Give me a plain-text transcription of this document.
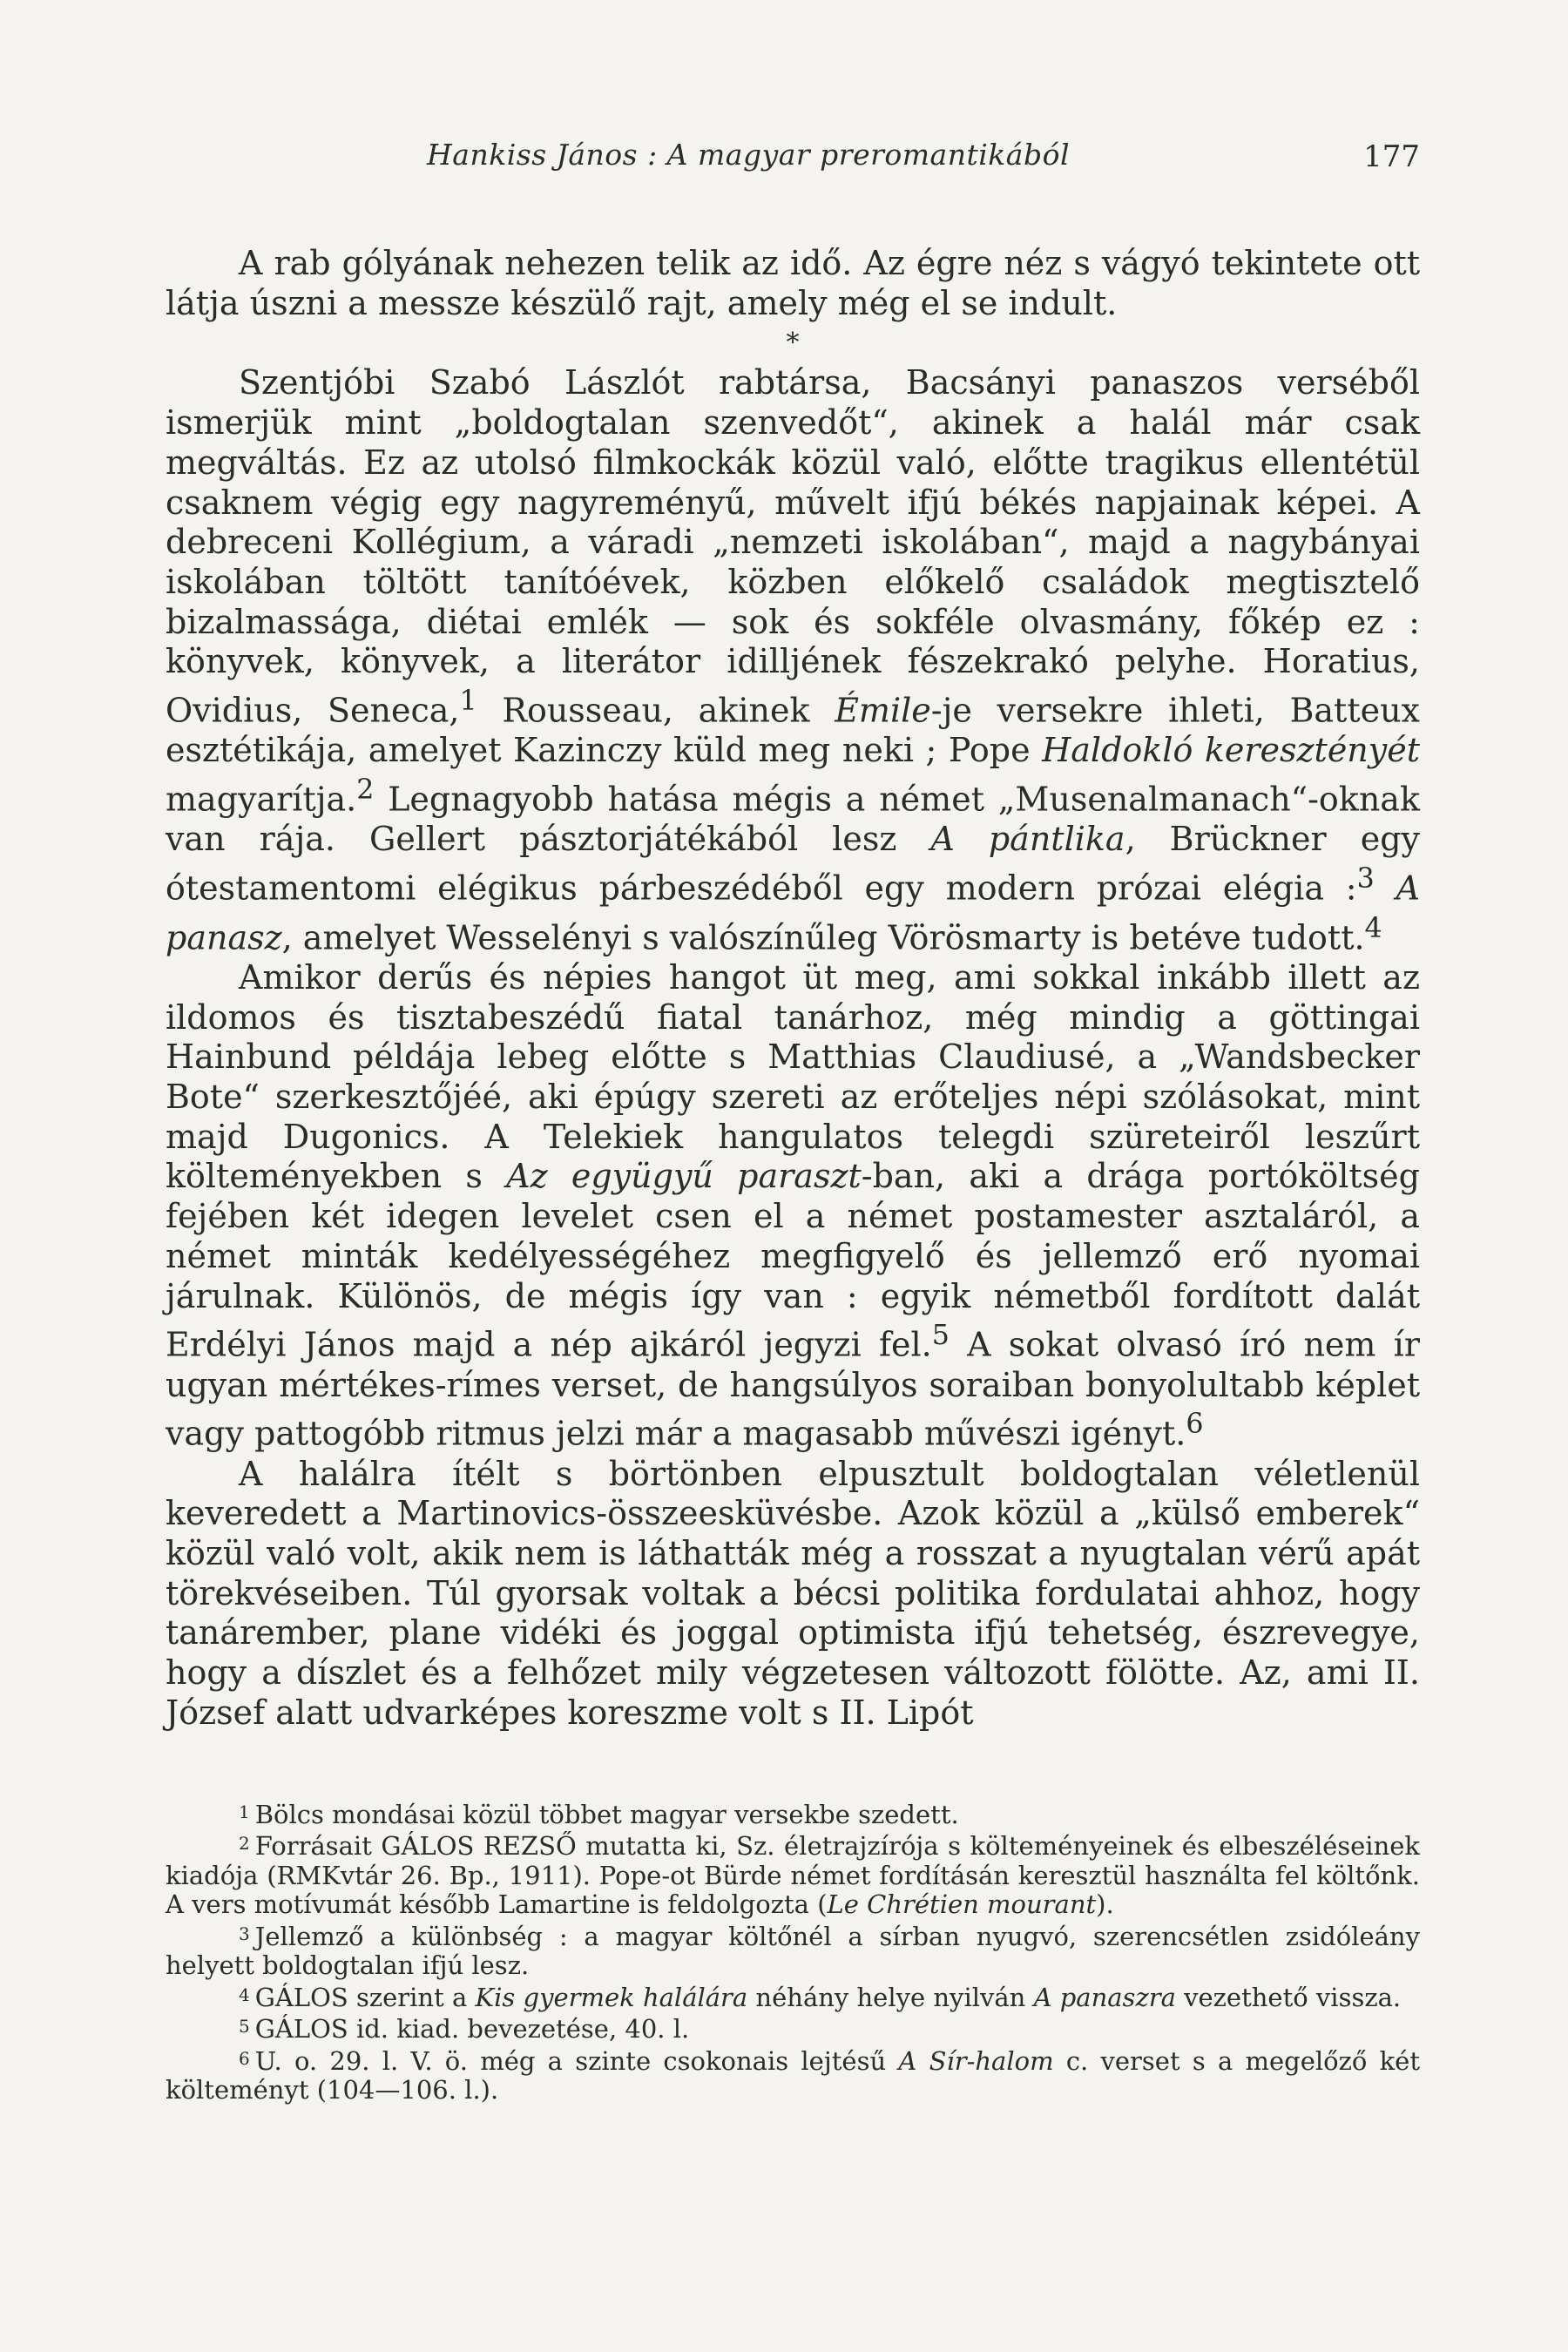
Hankiss János : A magyar preromantikából	177

A rab gólyának nehezen telik az idő. Az égre néz s vágyó tekintete ott látja úszni a messze készülő rajt, amely még el se indult.

*

Szentjóbi Szabó Lászlót rabtársa, Bacsányi panaszos verséből ismerjük mint „boldogtalan szenvedőt“, akinek a halál már csak megváltás. Ez az utolsó filmkockák közül való, előtte tragikus ellentétül csaknem végig egy nagyreményű, művelt ifjú békés napjainak képei. A debreceni Kollégium, a váradi „nemzeti iskolában“, majd a nagybányai iskolában töltött tanítóévek, közben előkelő családok megtisztelő bizalmassága, diétai emlék — sok és sokféle olvasmány, főkép ez : könyvek, könyvek, a literátor idilljének fészekrakó pelyhe. Horatius, Ovidius, Seneca,$^1$ Rousseau, akinek Émile-je versekre ihleti, Batteux esztétikája, amelyet Kazinczy küld meg neki ; Pope Haldokló keresztényét magyarítja.$^2$ Legnagyobb hatása mégis a német „Musenalmanach“-oknak van rája. Gellert pásztorjátékából lesz A pántlika, Brückner egy ótestamentomi elégikus párbeszédéből egy modern prózai elégia :$^3$ A panasz, amelyet Wesselényi s valószínűleg Vörösmarty is betéve tudott.$^4$

Amikor derűs és népies hangot üt meg, ami sokkal inkább illett az ildomos és tisztabeszédű fiatal tanárhoz, még mindig a göttingai Hainbund példája lebeg előtte s Matthias Claudiusé, a „Wandsbecker Bote“ szerkesztőjéé, aki épúgy szereti az erőteljes népi szólásokat, mint majd Dugonics. A Telekiek hangulatos telegdi szüreteiről leszűrt költeményekben s Az együgyű paraszt-ban, aki a drága portóköltség fejében két idegen levelet csen el a német postamester asztaláról, a német minták kedélyességéhez megfigyelő és jellemző erő nyomai járulnak. Különös, de mégis így van : egyik németből fordított dalát Erdélyi János majd a nép ajkáról jegyzi fel.$^5$ A sokat olvasó író nem ír ugyan mértékes-rímes verset, de hangsúlyos soraiban bonyolultabb képlet vagy pattogóbb ritmus jelzi már a magasabb művészi igényt.$^6$

A halálra ítélt s börtönben elpusztult boldogtalan véletlenül keveredett a Martinovics-összeesküvésbe. Azok közül a „külső emberek“ közül való volt, akik nem is láthatták még a rosszat a nyugtalan vérű apát törekvéseiben. Túl gyorsak voltak a bécsi politika fordulatai ahhoz, hogy tanárember, plane vidéki és joggal optimista ifjú tehetség, észrevegye, hogy a díszlet és a felhőzet mily végzetesen változott fölötte. Az, ami II. József alatt udvarképes koreszme volt s II. Lipót

$^1$ Bölcs mondásai közül többet magyar versekbe szedett.

$^2$ Forrásait GÁLOS REZSŐ mutatta ki, Sz. életrajzírója s költeményeinek és elbeszéléseinek kiadója (RMKvtár 26. Bp., 1911). Pope-ot Bürde német fordításán keresztül használta fel költőnk. A vers motívumát később Lamartine is feldolgozta (Le Chrétien mourant).

$^3$ Jellemző a különbség : a magyar költőnél a sírban nyugvó, szerencsétlen zsidóleány helyett boldogtalan ifjú lesz.

$^4$ GÁLOS szerint a Kis gyermek halálára néhány helye nyilván A panaszra vezethető vissza.

$^5$ GÁLOS id. kiad. bevezetése, 40. l.

$^6$ U. o. 29. l. V. ö. még a szinte csokonais lejtésű A Sír-halom c. verset s a megelőző két költeményt (104—106. l.).
